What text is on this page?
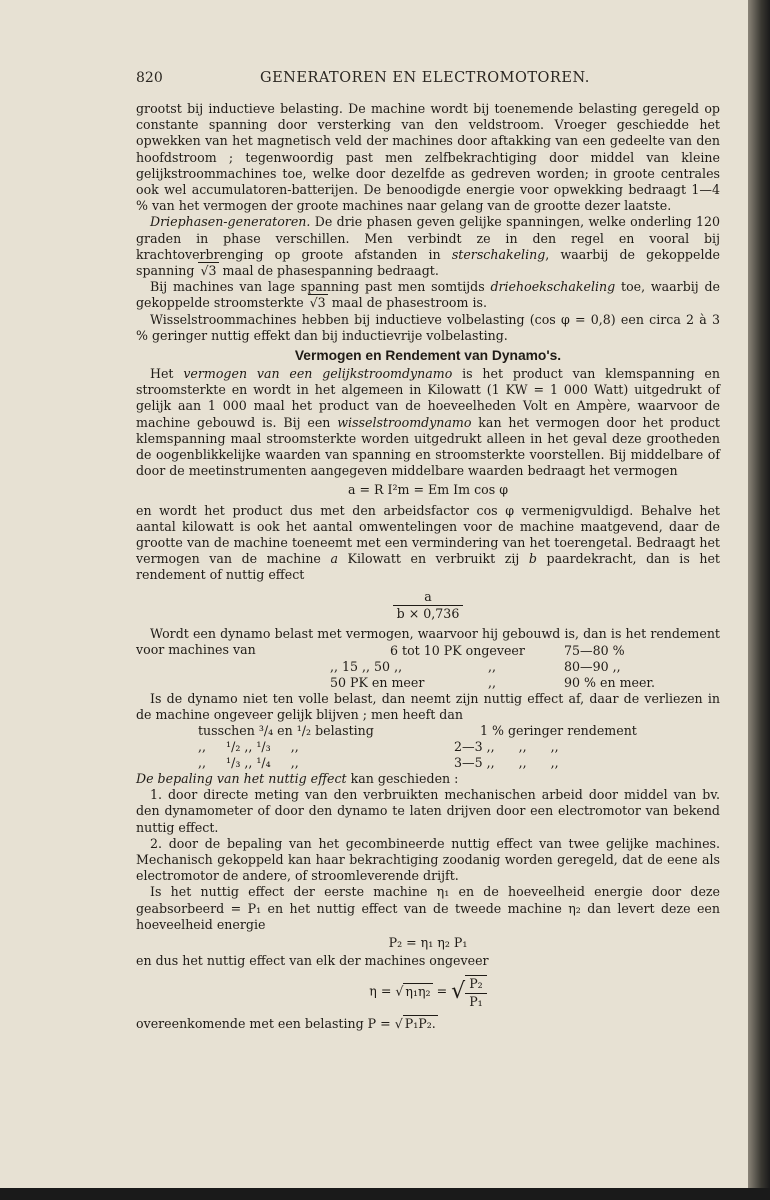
820	GENERATOREN EN ELECTROMOTOREN.

grootst bij inductieve belasting. De machine wordt bij toenemende belasting geregeld op constante spanning door versterking van den veldstroom. Vroeger geschiedde het opwekken van het magnetisch veld der machines door aftakking van een gedeelte van den hoofdstroom ; tegenwoordig past men zelfbekrachtiging door middel van kleine gelijkstroommachines toe, welke door dezelfde as gedreven worden; in groote centrales ook wel accumulatoren-batterijen. De benoodigde energie voor opwekking bedraagt 1—4 % van het vermogen der groote machines naar gelang van de grootte dezer laatste.

Driephasen-generatoren. De drie phasen geven gelijke spanningen, welke onderling 120 graden in phase verschillen. Men verbindt ze in den regel en vooral bij krachtoverbrenging op groote afstanden in sterschakeling, waarbij de gekoppelde spanning √3 maal de phasespanning bedraagt.

Bij machines van lage spanning past men somtijds driehoekschakeling toe, waarbij de gekoppelde stroomsterkte √3 maal de phasestroom is.

Wisselstroommachines hebben bij inductieve volbelasting (cos φ = 0,8) een circa 2 à 3 % geringer nuttig effekt dan bij inductievrije volbelasting.

Vermogen en Rendement van Dynamo's.

Het vermogen van een gelijkstroomdynamo is het product van klemspanning en stroomsterkte en wordt in het algemeen in Kilowatt (1 KW = 1 000 Watt) uitgedrukt of gelijk aan 1 000 maal het product van de hoeveelheden Volt en Ampère, waarvoor de machine gebouwd is. Bij een wisselstroomdynamo kan het vermogen door het product klemspanning maal stroomsterkte worden uitgedrukt alleen in het geval deze grootheden de oogenblikkelijke waarden van spanning en stroomsterkte voorstellen. Bij middelbare of door de meetinstrumenten aangegeven middelbare waarden bedraagt het vermogen

a = R I²m = Em Im cos φ

en wordt het product dus met den arbeidsfactor cos φ vermenigvuldigd. Behalve het aantal kilowatt is ook het aantal omwentelingen voor de machine maatgevend, daar de grootte van de machine toeneemt met een vermindering van het toerengetal. Bedraagt het vermogen van de machine a Kilowatt en verbruikt zij b paardekracht, dan is het rendement of nuttig effect

$\frac{a}{b \times 0,736}$

Wordt een dynamo belast met vermogen, waarvoor hij gebouwd is, dan is het rendement voor machines van	6 tot 10 PK ongeveer	75—80 %
,, 15 ,, 50 ,,	,,	80—90 ,,
50 PK en meer	,,	90 % en meer.

Is de dynamo niet ten volle belast, dan neemt zijn nuttig effect af, daar de verliezen in de machine ongeveer gelijk blijven ; men heeft dan

tusschen ³/₄ en ¹/₂ belasting	1 % geringer rendement
,,     ¹/₂ ,, ¹/₃     ,,	2—3 ,,      ,,      ,,
,,     ¹/₃ ,, ¹/₄     ,,	3—5 ,,      ,,      ,,

De bepaling van het nuttig effect kan geschieden :

1. door directe meting van den verbruikten mechanischen arbeid door middel van bv. den dynamometer of door den dynamo te laten drijven door een electromotor van bekend nuttig effect.

2. door de bepaling van het gecombineerde nuttig effect van twee gelijke machines. Mechanisch gekoppeld kan haar bekrachtiging zoodanig worden geregeld, dat de eene als electromotor de andere, of stroomleverende drijft.

Is het nuttig effect der eerste machine η₁ en de hoeveelheid energie door deze geabsorbeerd = P₁ en het nuttig effect van de tweede machine η₂ dan levert deze een hoeveelheid energie

P₂ = η₁ η₂ P₁

en dus het nuttig effect van elk der machines ongeveer

η = √ η₁η₂ = √ $\frac{\text{P₂}}{\text{P₁}}$

overeenkomende met een belasting P = √ P₁P₂.
